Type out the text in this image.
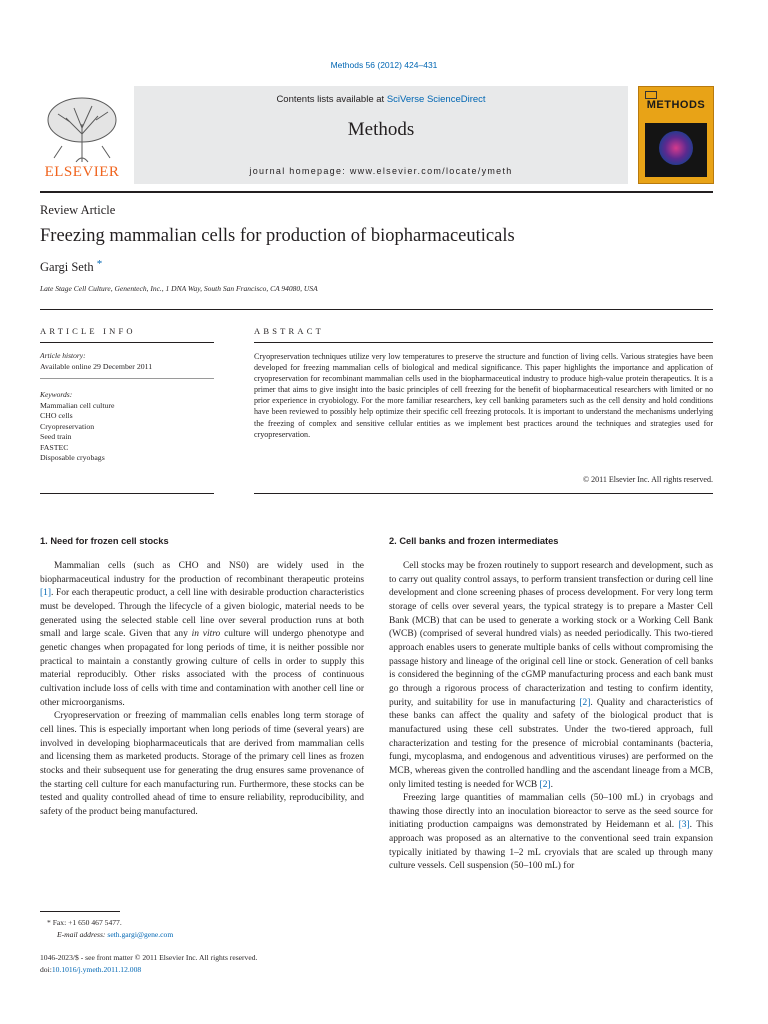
Methods 56 (2012) 424–431
ELSEVIER
Contents lists available at SciVerse ScienceDirect
Methods
journal homepage: www.elsevier.com/locate/ymeth
METHODS
Review Article
Freezing mammalian cells for production of biopharmaceuticals
Gargi Seth *
Late Stage Cell Culture, Genentech, Inc., 1 DNA Way, South San Francisco, CA 94080, USA
ARTICLE INFO	ABSTRACT
Article history:
Available online 29 December 2011
Keywords:
Mammalian cell culture
CHO cells
Cryopreservation
Seed train
FASTEC
Disposable cryobags
Cryopreservation techniques utilize very low temperatures to preserve the structure and function of living cells. Various strategies have been developed for freezing mammalian cells of biological and medical significance. This paper highlights the importance and application of cryopreservation for recombinant mammalian cells used in the biopharmaceutical industry to produce high-value protein therapeutics. It is a primer that aims to give insight into the basic principles of cell freezing for the benefit of biopharmaceutical researchers with limited or no prior experience in cryobiology. For the more familiar researchers, key cell banking parameters such as the cell density and hold conditions have been reviewed to possibly help optimize their specific cell freezing protocols. It is important to understand the mechanisms underlying the freezing of complex and sensitive cellular entities as we implement best practices around the techniques and strategies used for cryopreservation.
© 2011 Elsevier Inc. All rights reserved.
1. Need for frozen cell stocks	2. Cell banks and frozen intermediates

Mammalian cells (such as CHO and NS0) are widely used in the biopharmaceutical industry for the production of recombinant therapeutic proteins [1]. For each therapeutic product, a cell line with desirable production characteristics must be developed. Through the lifecycle of a given biologic, material needs to be generated using the selected stable cell line over several production runs at both small and large scale. Given that any in vitro culture will undergo phenotype and genetic changes when propagated for long periods of time, it is neither possible nor practical to maintain a constantly growing culture of cells in order to supply this material reproducibly. Other risks associated with the process of continuous cultivation include loss of cells with time and contamination with another cell line or other microorganisms.

Cryopreservation or freezing of mammalian cells enables long term storage of cell lines. This is especially important when long periods of time (several years) are involved in developing biopharmaceuticals that are derived from mammalian cells and licensing them as marketed products. Storage of the primary cell lines as frozen stocks and their subsequent use for generating the drug ensures same provenance of the starting cell culture for each manufacturing run. Furthermore, these stocks can be tested and quality controlled ahead of time to ensure reliability, reproducibility, and safety of the product being manufactured.

Cell stocks may be frozen routinely to support research and development, such as to carry out quality control assays, to perform transient transfection or during cell line development and clone screening phases of process development. For very long term storage of cells over several years, the typical strategy is to prepare a Master Cell Bank (MCB) that can be used to generate a working stock or a Working Cell Bank (WCB) (comprised of several hundred vials) as needed periodically. This two-tiered approach enables users to generate multiple banks of cells without compromising the passage history and lineage of the original cell line or stock. Generation of cell banks is considered the beginning of the cGMP manufacturing process and each bank must go through a rigorous process of characterization and testing to confirm identity, purity, and suitability for use in manufacturing [2]. Quality and characteristics of these banks can affect the quality and safety of the biological product that is manufactured using these cell substrates. Under the two-tiered approach, full characterization and testing for the presence of microbial contaminants (bacteria, fungi, mycoplasma, and endogenous and adventitious viruses) are performed on the MCB, whereas given the controlled handling and the ascendant lineage from a MCB, only limited testing is needed for WCB [2].

Freezing large quantities of mammalian cells (50–100 mL) in cryobags and thawing those directly into an inoculation bioreactor to serve as the seed source for initiating production campaigns was demonstrated by Heidemann et al. [3]. This approach was proposed as an alternative to the conventional seed train expansion typically initiated by thawing 1–2 mL cryovials that are scaled up through many culture vessels. Cell suspension (50–100 mL) for

* Fax: +1 650 467 5477.
E-mail address: seth.gargi@gene.com
1046-2023/$ - see front matter © 2011 Elsevier Inc. All rights reserved.
doi:10.1016/j.ymeth.2011.12.008
